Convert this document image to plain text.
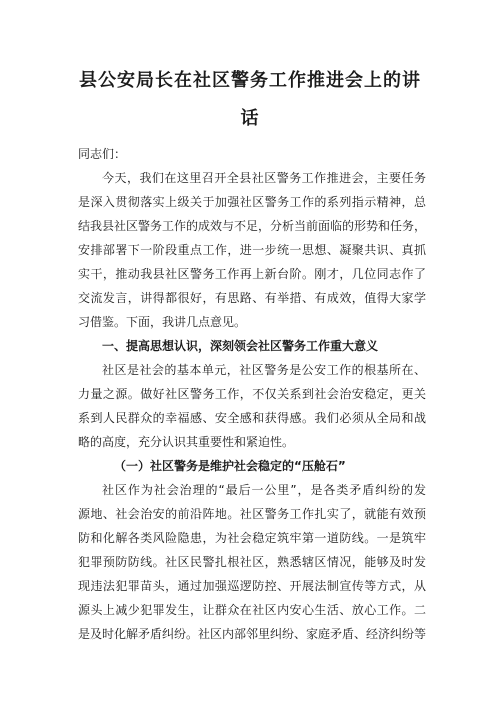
县公安局长在社区警务工作推进会上的讲
话

同志们：

今天，我们在这里召开全县社区警务工作推进会，主要任务

是深入贯彻落实上级关于加强社区警务工作的系列指示精神，总

结我县社区警务工作的成效与不足，分析当前面临的形势和任务，

安排部署下一阶段重点工作，进一步统一思想、凝聚共识、真抓

实干，推动我县社区警务工作再上新台阶。刚才，几位同志作了

交流发言，讲得都很好，有思路、有举措、有成效，值得大家学

习借鉴。下面，我讲几点意见。

一、提高思想认识，深刻领会社区警务工作重大意义

社区是社会的基本单元，社区警务是公安工作的根基所在、

力量之源。做好社区警务工作，不仅关系到社会治安稳定，更关

系到人民群众的幸福感、安全感和获得感。我们必须从全局和战

略的高度，充分认识其重要性和紧迫性。

（一）社区警务是维护社会稳定的“压舱石”

社区作为社会治理的“最后一公里”，是各类矛盾纠纷的发

源地、社会治安的前沿阵地。社区警务工作扎实了，就能有效预

防和化解各类风险隐患，为社会稳定筑牢第一道防线。一是筑牢

犯罪预防防线。社区民警扎根社区，熟悉辖区情况，能够及时发

现违法犯罪苗头，通过加强巡逻防控、开展法制宣传等方式，从

源头上减少犯罪发生，让群众在社区内安心生活、放心工作。二

是及时化解矛盾纠纷。社区内部邻里纠纷、家庭矛盾、经济纠纷等
